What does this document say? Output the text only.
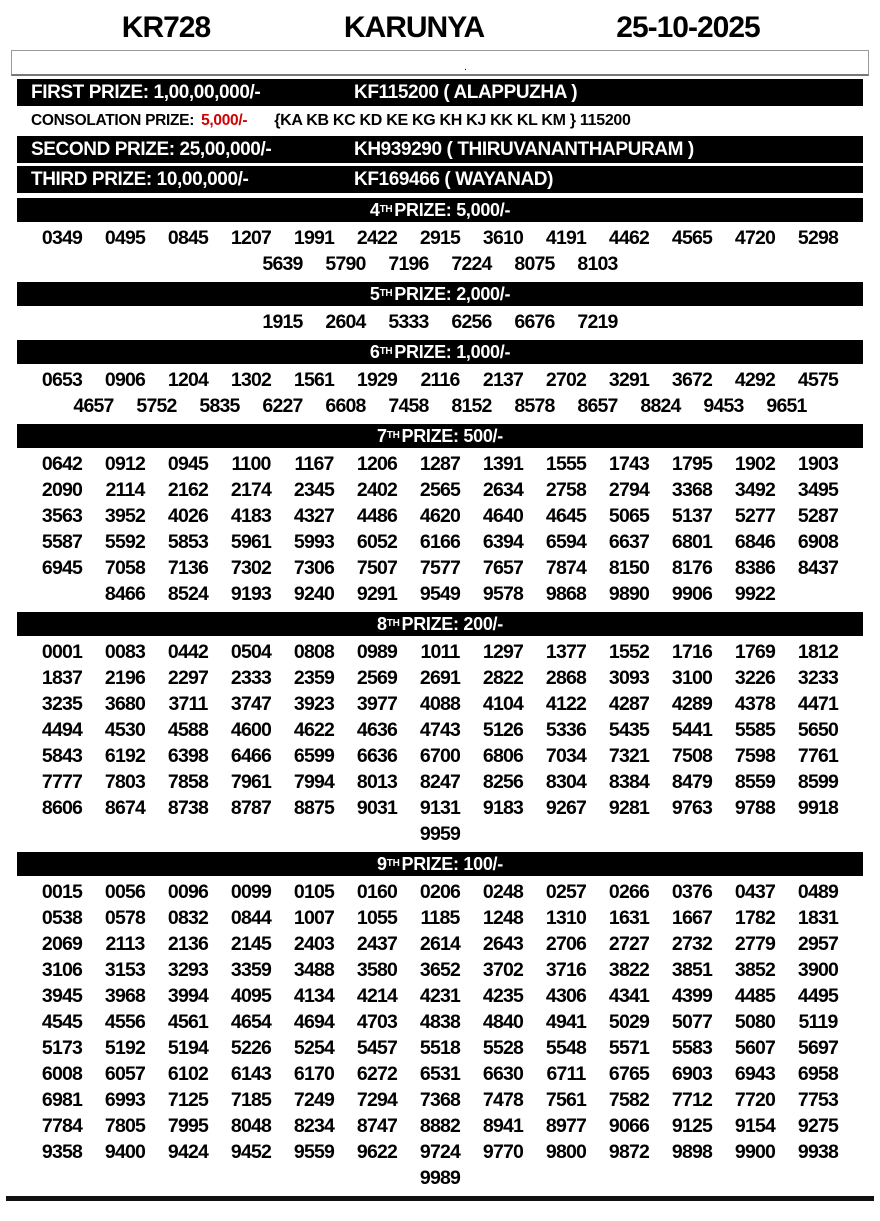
KR728	KARUNYA	25-10-2025
.
FIRST PRIZE: 1,00,00,000/-	KF115200 ( ALAPPUZHA )
CONSOLATION PRIZE: 5,000/- {KA KB KC KD KE KG KH KJ KK KL KM } 115200
SECOND PRIZE: 25,00,000/-	KH939290 ( THIRUVANANTHAPURAM )
THIRD PRIZE: 10,00,000/-	KF169466 ( WAYANAD)
4 TH PRIZE: 5,000/-
0349	0495	0845	1207	1991	2422	2915	3610	4191	4462	4565	4720	5298
5639	5790	7196	7224	8075	8103
5 TH PRIZE: 2,000/-
1915	2604	5333	6256	6676	7219
6 TH PRIZE: 1,000/-
0653	0906	1204	1302	1561	1929	2116	2137	2702	3291	3672	4292	4575
4657	5752	5835	6227	6608	7458	8152	8578	8657	8824	9453	9651
7 TH PRIZE: 500/-
0642	0912	0945	1100	1167	1206	1287	1391	1555	1743	1795	1902	1903
2090	2114	2162	2174	2345	2402	2565	2634	2758	2794	3368	3492	3495
3563	3952	4026	4183	4327	4486	4620	4640	4645	5065	5137	5277	5287
5587	5592	5853	5961	5993	6052	6166	6394	6594	6637	6801	6846	6908
6945	7058	7136	7302	7306	7507	7577	7657	7874	8150	8176	8386	8437
8466	8524	9193	9240	9291	9549	9578	9868	9890	9906	9922
8 TH PRIZE: 200/-
0001	0083	0442	0504	0808	0989	1011	1297	1377	1552	1716	1769	1812
1837	2196	2297	2333	2359	2569	2691	2822	2868	3093	3100	3226	3233
3235	3680	3711	3747	3923	3977	4088	4104	4122	4287	4289	4378	4471
4494	4530	4588	4600	4622	4636	4743	5126	5336	5435	5441	5585	5650
5843	6192	6398	6466	6599	6636	6700	6806	7034	7321	7508	7598	7761
7777	7803	7858	7961	7994	8013	8247	8256	8304	8384	8479	8559	8599
8606	8674	8738	8787	8875	9031	9131	9183	9267	9281	9763	9788	9918
9959
9 TH PRIZE: 100/-
0015	0056	0096	0099	0105	0160	0206	0248	0257	0266	0376	0437	0489
0538	0578	0832	0844	1007	1055	1185	1248	1310	1631	1667	1782	1831
2069	2113	2136	2145	2403	2437	2614	2643	2706	2727	2732	2779	2957
3106	3153	3293	3359	3488	3580	3652	3702	3716	3822	3851	3852	3900
3945	3968	3994	4095	4134	4214	4231	4235	4306	4341	4399	4485	4495
4545	4556	4561	4654	4694	4703	4838	4840	4941	5029	5077	5080	5119
5173	5192	5194	5226	5254	5457	5518	5528	5548	5571	5583	5607	5697
6008	6057	6102	6143	6170	6272	6531	6630	6711	6765	6903	6943	6958
6981	6993	7125	7185	7249	7294	7368	7478	7561	7582	7712	7720	7753
7784	7805	7995	8048	8234	8747	8882	8941	8977	9066	9125	9154	9275
9358	9400	9424	9452	9559	9622	9724	9770	9800	9872	9898	9900	9938
9989
